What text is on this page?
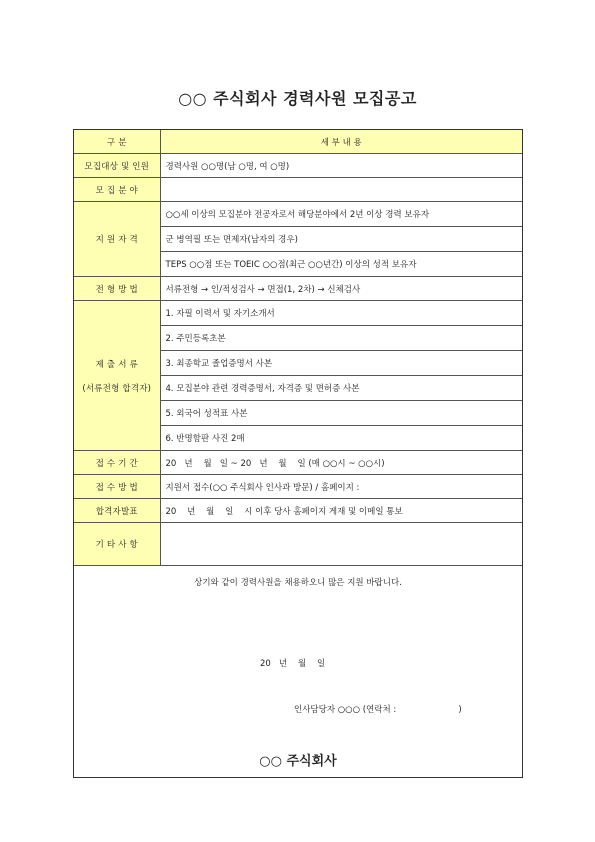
○○ 주식회사 경력사원 모집공고
구 분	세 부 내 용
모집대상 및 인원	경력사원 ○○명(남 ○명, 여 ○명)
모 집 분 야	
지 원 자 격	○○세 이상의 모집분야 전공자로서 해당분야에서 2년 이상 경력 보유자
	군 병역필 또는 면제자(남자의 경우)
	TEPS ○○점 또는 TOEIC ○○점(최근 ○○년간) 이상의 성적 보유자
전 형 방 법	서류전형 → 인/적성검사 → 면접(1, 2차) → 신체검사

제 출 서 류
(서류전형 합격자)	1. 자필 이력서 및 자기소개서
	2. 주민등록초본
	3. 최종학교 졸업증명서 사본
	4. 모집분야 관련 경력증명서, 자격증 및 면허증 사본
	5. 외국어 성적표 사본
	6. 반명함판 사진 2매
접 수 기 간	20   년    월   일 ~ 20   년    월    일 (매 ○○시 ~ ○○시)
접 수 방 법	지원서 접수(○○ 주식회사 인사과 방문) / 홈페이지 :
합격자발표	20    년    월    일    시 이후 당사 홈페이지 게재 및 이메일 통보
기 타 사 항	
상기와 같이 경력사원을 채용하오니 많은 지원 바랍니다.
20   년    월    일
인사담당자 ○○○ (연락처 :                       )
○○ 주식회사
